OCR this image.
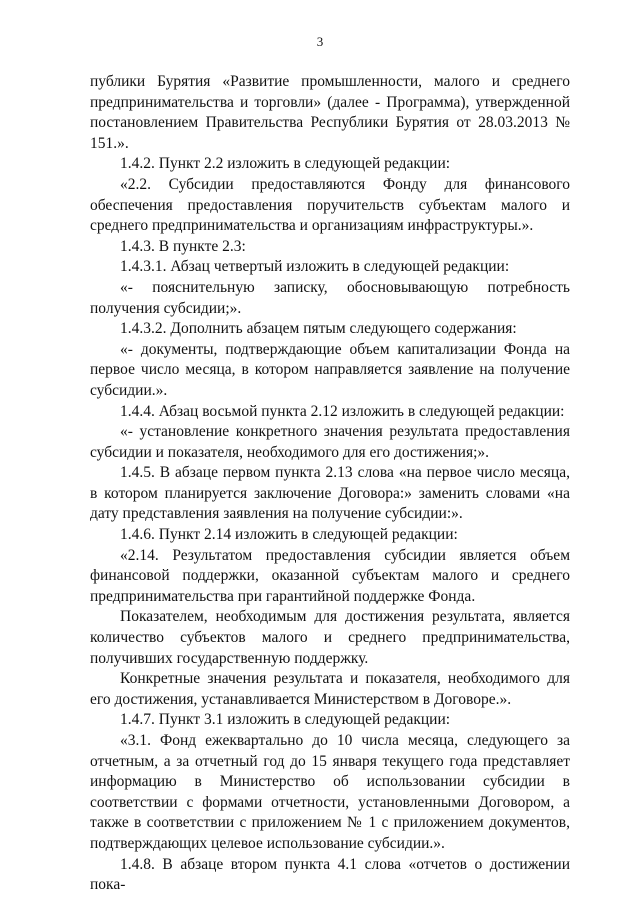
3

публики Бурятия «Развитие промышленности, малого и среднего предпринимательства и торговли» (далее - Программа), утвержденной постановлением Правительства Республики Бурятия от 28.03.2013 № 151.».

1.4.2. Пункт 2.2 изложить в следующей редакции:

«2.2. Субсидии предоставляются Фонду для финансового обеспечения предоставления поручительств субъектам малого и среднего предпринимательства и организациям инфраструктуры.».

1.4.3. В пункте 2.3:

1.4.3.1. Абзац четвертый изложить в следующей редакции:

«- пояснительную записку, обосновывающую потребность получения субсидии;».

1.4.3.2. Дополнить абзацем пятым следующего содержания:

«- документы, подтверждающие объем капитализации Фонда на первое число месяца, в котором направляется заявление на получение субсидии.».

1.4.4. Абзац восьмой пункта 2.12 изложить в следующей редакции:

«- установление конкретного значения результата предоставления субсидии и показателя, необходимого для его достижения;».

1.4.5. В абзаце первом пункта 2.13 слова «на первое число месяца, в котором планируется заключение Договора:» заменить словами «на дату представления заявления на получение субсидии:».

1.4.6. Пункт 2.14 изложить в следующей редакции:

«2.14. Результатом предоставления субсидии является объем финансовой поддержки, оказанной субъектам малого и среднего предпринимательства при гарантийной поддержке Фонда.

Показателем, необходимым для достижения результата, является количество субъектов малого и среднего предпринимательства, получивших государственную поддержку.

Конкретные значения результата и показателя, необходимого для его достижения, устанавливается Министерством в Договоре.».

1.4.7. Пункт 3.1 изложить в следующей редакции:

«3.1. Фонд ежеквартально до 10 числа месяца, следующего за отчетным, а за отчетный год до 15 января текущего года представляет информацию в Министерство об использовании субсидии в соответствии с формами отчетности, установленными Договором, а также в соответствии с приложением № 1 с приложением документов, подтверждающих целевое использование субсидии.».

1.4.8. В абзаце втором пункта 4.1 слова «отчетов о достижении пока-
